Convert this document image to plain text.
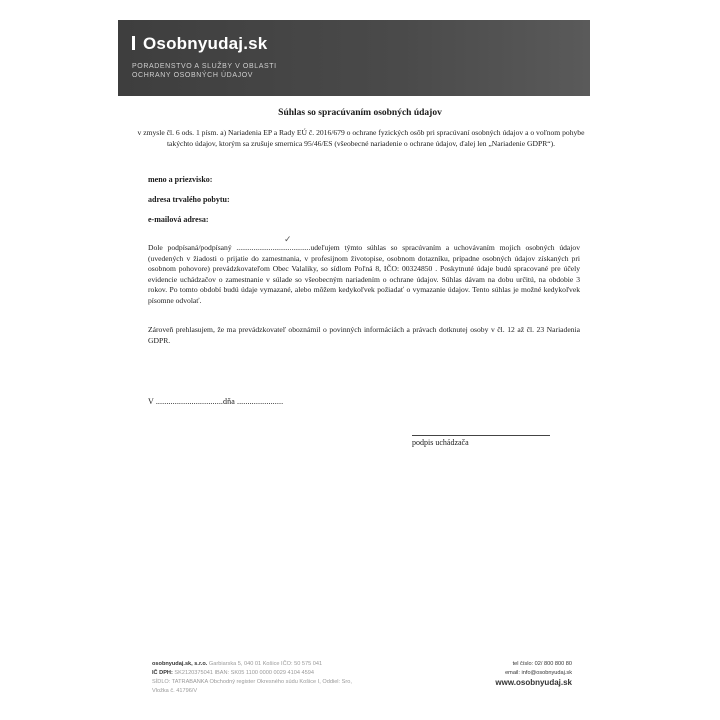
Osobnyudaj.sk
PORADENSTVO A SLUŽBY V OBLASTI
OCHRANY OSOBNÝCH ÚDAJOV
Súhlas so spracúvaním osobných údajov
v zmysle čl. 6 ods. 1 písm. a) Nariadenia EP a Rady EÚ č. 2016/679 o ochrane fyzických osôb pri spracúvaní osobných údajov a o voľnom pohybe takýchto údajov, ktorým sa zrušuje smernica 95/46/ES (všeobecné nariadenie o ochrane údajov, ďalej len „Nariadenie GDPR“).
meno a priezvisko:
adresa trvalého pobytu:
e-mailová adresa:
✓
Dole podpísaná/podpísaný .......................................udeľujem týmto súhlas so spracúvaním a uchovávaním mojich osobných údajov (uvedených v žiadosti o prijatie do zamestnania, v profesijnom životopise, osobnom dotazníku, prípadne osobných údajov získaných pri osobnom pohovore) prevádzkovateľom Obec Valaliky, so sídlom Poľná 8, IČO: 00324850 . Poskytnuté údaje budú spracované pre účely evidencie uchádzačov o zamestnanie v súlade so všeobecným nariadením o ochrane údajov. Súhlas dávam na dobu určitú, na obdobie 3 rokov. Po tomto období budú údaje vymazané, alebo môžem kedykoľvek požiadať o vymazanie údajov. Tento súhlas je možné kedykoľvek písomne odvolať.
Zároveň prehlasujem, že ma prevádzkovateľ oboznámil o povinných informáciách a právach dotknutej osoby v čl. 12 až čl. 23 Nariadenia GDPR.
V ................................dňa ......................
podpis uchádzača
osobnyudaj.sk, s.r.o. Garbiarska 5, 040 01 Košice IČO: 50 575 041
IČ DPH: SK2120375041 IBAN: SK05 1100 0000 0029 4104 4594
SÍDLO: TATRABANKA Obchodný register Okresného súdu Košice I, Oddiel: Sro, Vložka č. 41796/V
tel číslo: 02/ 800 800 80
email: info@osobnyudaj.sk
www.osobnyudaj.sk
